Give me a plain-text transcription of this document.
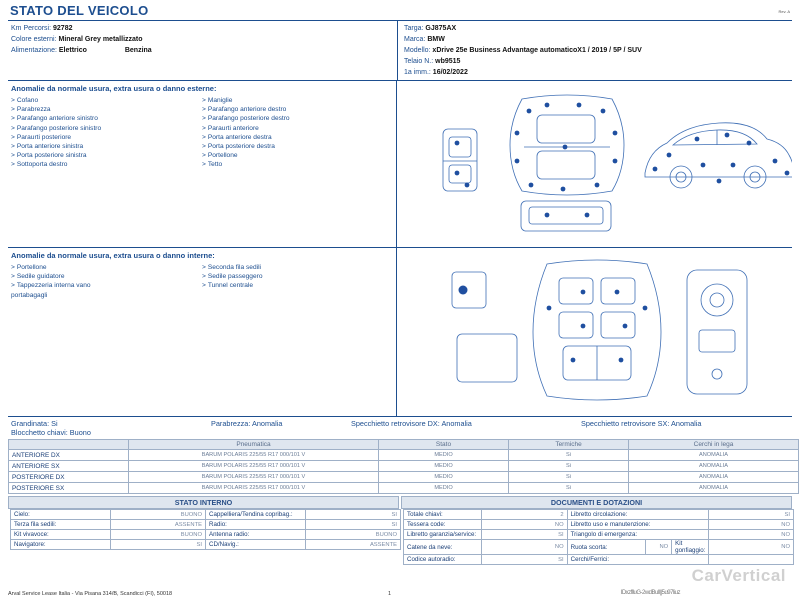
STATO DEL VEICOLO	Rev. A
Km Percorsi: 92782
Colore esterni: Mineral Grey metallizzato
Alimentazione: Elettrico	Benzina
Targa: GJ875AX
Marca: BMW
Modello: xDrive 25e Business Advantage automaticoX1 / 2019 / 5P / SUV
Telaio N.: wb9515
1a imm.: 16/02/2022
Anomalie da normale usura, extra usura o danno esterne:
> Cofano
> Parabrezza
> Parafango anteriore sinistro
> Parafango posteriore sinistro
> Paraurti posteriore
> Porta anteriore sinistra
> Porta posteriore sinistra
> Sottoporta destro
> Maniglie
> Parafango anteriore destro
> Parafango posteriore destro
> Paraurti anteriore
> Porta anteriore destra
> Porta posteriore destra
> Portellone
> Tetto
Anomalie da normale usura, extra usura o danno interne:
> Portellone
> Sedile guidatore
> Tappezzeria interna vano portabagagli
> Seconda fila sedili
> Sedile passeggero
> Tunnel centrale
Grandinata: Si	Parabrezza: Anomalia	Specchietto retrovisore DX: Anomalia	Specchietto retrovisore SX: Anomalia
Blocchetto chiavi: Buono
	Pneumatica	Stato	Termiche	Cerchi in lega
ANTERIORE DX	BARUM POLARIS 225/55 R17 000/101 V	MEDIO	Si	ANOMALIA
ANTERIORE SX	BARUM POLARIS 225/55 R17 000/101 V	MEDIO	Si	ANOMALIA
POSTERIORE DX	BARUM POLARIS 225/55 R17 000/101 V	MEDIO	Si	ANOMALIA
POSTERIORE SX	BARUM POLARIS 225/55 R17 000/101 V	MEDIO	Si	ANOMALIA
STATO INTERNO
Cielo:	BUONO	Cappelliera/Tendina copribag.:	SI
Terza fila sedili:	ASSENTE	Radio:	SI
Kit vivavoce:	BUONO	Antenna radio:	BUONO
Navigatore:	SI	CD/Navig.:	ASSENTE
DOCUMENTI E DOTAZIONI
Totale chiavi:	2	Libretto circolazione:			SI
Tessera code:	NO	Libretto uso e manutenzione:			NO
Libretto garanzia/service:	SI	Triangolo di emergenza:			NO
Catene da neve:	NO	Ruota scorta:	NO	Kit gonfiaggio:	NO
Codice autoradio:	SI	Cerchi/Ferrici:			
CarVertical
IDxzflluG-2wdBull||5u97liuz
Arval Service Lease Italia - Via Pisana 314/B, Scandicci (FI), 50018	1
